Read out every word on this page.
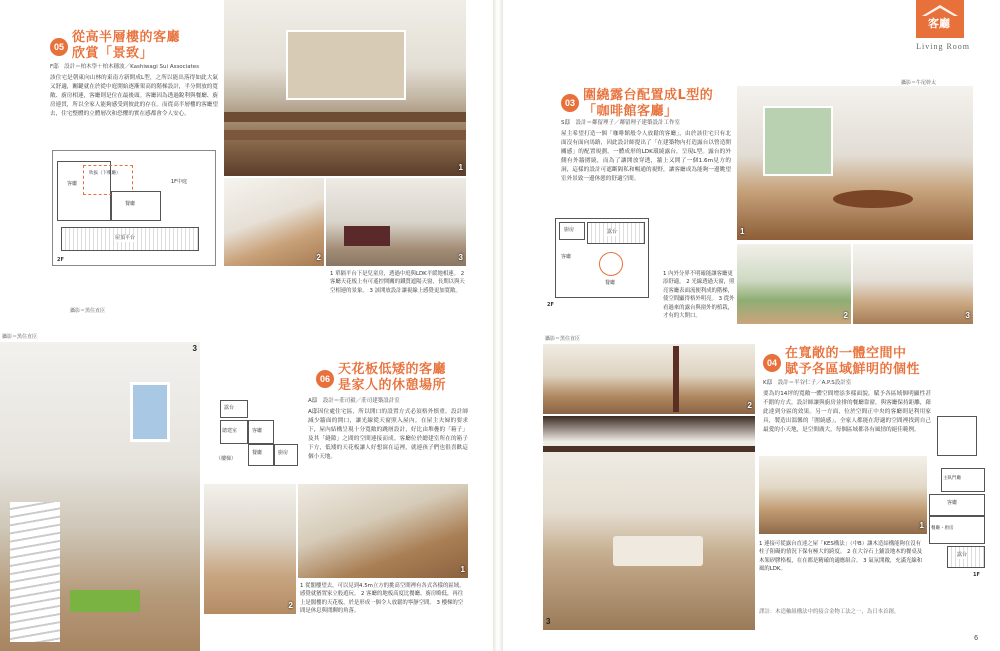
05
從高半層樓的客廳
欣賞「景致」
F邸　設計＝柏木學＋柏木穗波／Kashiwagi Sui Associates
該住宅是朝東向山林的東南方新開成L型，之所以能出落得如此大氣又舒適，關鍵就在於從中庭開始逐漸架高的階梯設計，半分開放的寬敞、廚房相連，客廳則是位在最後頭。客廳因為透過銳利與餐廳、廚房連貫，所以全家人能夠感受到彼此的存在。而從高半層樓的客廳望去，住宅整體的立體層次和恐懼的實在感都會令人安心。
客廳
吹拔（下樓廳）
餐廳
1F中庭
屋頂平台
2F
攝影＝黑住直臣
1
2	3
1 單隔平台下是兒童房，透過中庭與LDK平緩地相連。 2 客廳天花板上有可遙控開關的鐵質遮陽天窗，長期以與天空相連的景象。 3 該開放設計讓視線上感覺更加寬敞。
攝影＝黑住直臣
3
06
天花板低矮的客廳
是家人的休憩場所
露台
總建室	客廳
餐廳	廚房
（樓梯）
A邸　設計＝莊司毅／莊司建築設計室
A邸因位處住宅區，所以開口的設置方式必須格外慎重。設計師減少牆面的開口，讓光線從天窗照入屋內。在屋主夫婦的要求下，屋內結構呈現十分寬敞的跳層設計，好比由堆疊的「箱子」及其「縫隙」之間的空間連接而成。客廳位於總建室所在的箱子下方，低矮的天花板讓人好想窩在這裡，就連孩子們也很喜歡這個小天地。
2
1
1 從閣樓望去，可以見到4.5m立方的挑高空間裡有各式各樣的區域，感覺就猶置家立般遊玩。 2 客廳的地板高度比餐廳、廚房略低，再往上是閣樓的天花板，於是形成一個令人放鬆的寧靜空間。 3 樓梯的空間是休息與閒聊的角落。
客廳
Living Room
03 圍繞露台配置成L型的
「咖啡館客廳」
S邸　設計＝鄰留理子／鄰留理子建築設計工作室
屋主希望打造一個「咖啡館般令人放鬆的客廳」，由於該住宅只有北面沒有面向馬路，因此設計師提出了「在建築物內打造露台以營造開關感」的配置規劃，一體成形的LDK環繞露台，呈現L型。露台的外側有外牆圍繞，而為了讓開放穿透，牆上又開了一個1.6m見方的洞，這樣的設計可遮斷隔私和暢通的視野，讓客廳成為能夠一邊眺望室外景致一邊休憩的舒適空間。
廚房	露台
客廳
餐廳
2F
1 內外分界不明確能讓客廳更添舒適。 2 光線透過天窗，照亮客廳表面流便利成的階梯，使空間顯得格外明亮。 3 從外看過來的露台與窗外的植栽，才有的大開口。
攝影＝牛尾幹太
1
2	3
攝影＝黑住直臣
2
3
04
在寬敞的一體空間中
賦予各區域鮮明的個性
K邸　設計＝半谷仁子／A.P.S設計室
要為約14坪的寬敞一體空間增添多樣面貌，賦予各區域個明顯性甚不錯的方式。設計師讓與廚房並排的餐廳靠窗，與客廳保持距離，藉此達到分區的效果。另一方面，位於空間正中央的客廳則是利用家具，製造出溫馨的「圍繞感」，全家人都能在舒適的空間裡找到自己最愛的小天地，是空間廣大，每個區域都各有風情的絕佳範例。
主臥門廳
客廳
餐廳・廚房
露台
1F
1
1 連接可從露台直達之屋「KES構法」（中B）讓木造結構能夠在沒有柱子阻礙的情況下保有極大的跨度。 2 在大谷石上鋪設地木的餐桌及木架矽膠格板，在在都是精確的適應組合。 3 氣氛開敞，充滿光線和風的LDK。
譯註：木造軸組構法中的接合金物工法之一，為日本首創。
6
